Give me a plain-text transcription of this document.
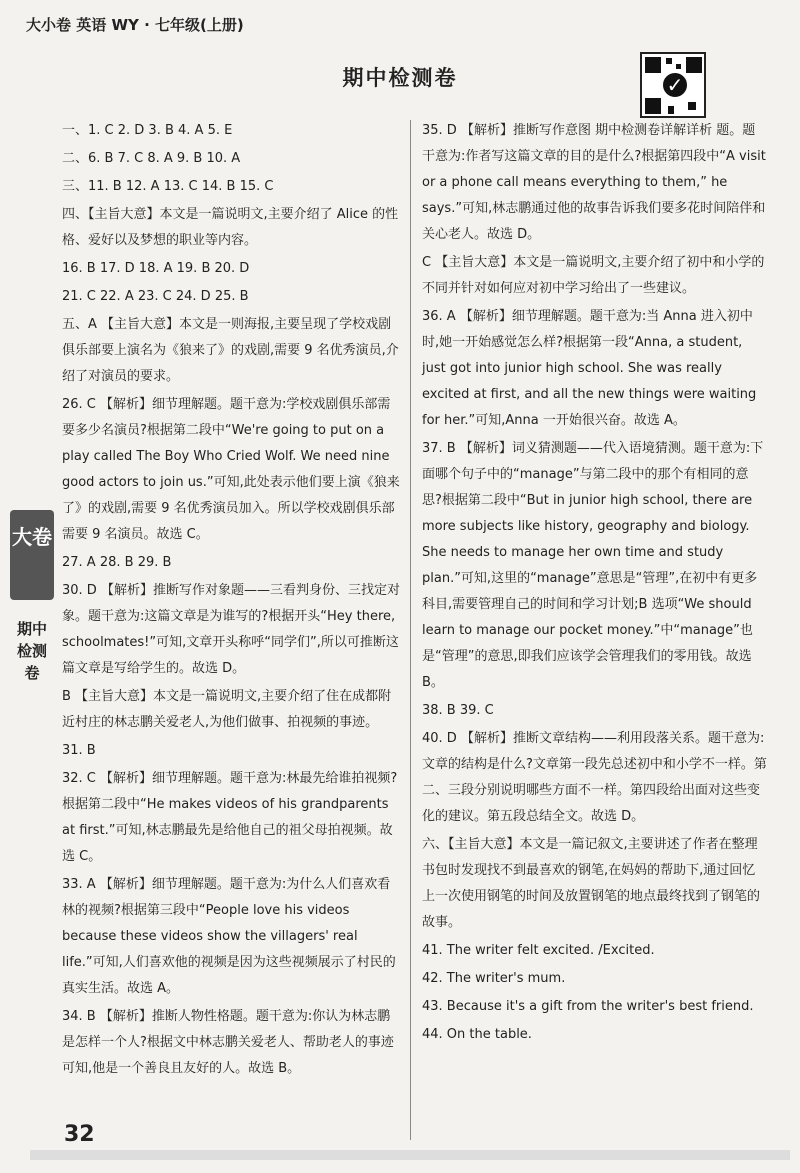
大小卷 英语 WY · 七年级(上册)
期中检测卷	✓

一、1. C 2. D 3. B 4. A 5. E

二、6. B 7. C 8. A 9. B 10. A

三、11. B 12. A 13. C 14. B 15. C

四、【主旨大意】本文是一篇说明文,主要介绍了 Alice 的性格、爱好以及梦想的职业等内容。

16. B 17. D 18. A 19. B 20. D

21. C 22. A 23. C 24. D 25. B

五、A 【主旨大意】本文是一则海报,主要呈现了学校戏剧俱乐部要上演名为《狼来了》的戏剧,需要 9 名优秀演员,介绍了对演员的要求。

26. C 【解析】细节理解题。题干意为:学校戏剧俱乐部需要多少名演员?根据第二段中“We're going to put on a play called The Boy Who Cried Wolf. We need nine good actors to join us.”可知,此处表示他们要上演《狼来了》的戏剧,需要 9 名优秀演员加入。所以学校戏剧俱乐部需要 9 名演员。故选 C。

27. A 28. B 29. B

30. D 【解析】推断写作对象题——三看判身份、三找定对象。题干意为:这篇文章是为谁写的?根据开头“Hey there, schoolmates!”可知,文章开头称呼“同学们”,所以可推断这篇文章是写给学生的。故选 D。

B 【主旨大意】本文是一篇说明文,主要介绍了住在成都附近村庄的林志鹏关爱老人,为他们做事、拍视频的事迹。

31. B

32. C 【解析】细节理解题。题干意为:林最先给谁拍视频?根据第二段中“He makes videos of his grandparents at first.”可知,林志鹏最先是给他自己的祖父母拍视频。故选 C。

33. A 【解析】细节理解题。题干意为:为什么人们喜欢看林的视频?根据第三段中“People love his videos because these videos show the villagers' real life.”可知,人们喜欢他的视频是因为这些视频展示了村民的真实生活。故选 A。

34. B 【解析】推断人物性格题。题干意为:你认为林志鹏是怎样一个人?根据文中林志鹏关爱老人、帮助老人的事迹可知,他是一个善良且友好的人。故选 B。

35. D 【解析】推断写作意图 期中检测卷详解详析 题。题干意为:作者写这篇文章的目的是什么?根据第四段中“A visit or a phone call means everything to them,” he says.”可知,林志鹏通过他的故事告诉我们要多花时间陪伴和关心老人。故选 D。

C 【主旨大意】本文是一篇说明文,主要介绍了初中和小学的不同并针对如何应对初中学习给出了一些建议。

36. A 【解析】细节理解题。题干意为:当 Anna 进入初中时,她一开始感觉怎么样?根据第一段“Anna, a student, just got into junior high school. She was really excited at first, and all the new things were waiting for her.”可知,Anna 一开始很兴奋。故选 A。

37. B 【解析】词义猜测题——代入语境猜测。题干意为:下面哪个句子中的“manage”与第二段中的那个有相同的意思?根据第二段中“But in junior high school, there are more subjects like history, geography and biology. She needs to manage her own time and study plan.”可知,这里的“manage”意思是“管理”,在初中有更多科目,需要管理自己的时间和学习计划;B 选项“We should learn to manage our pocket money.”中“manage”也是“管理”的意思,即我们应该学会管理我们的零用钱。故选 B。

38. B 39. C

40. D 【解析】推断文章结构——利用段落关系。题干意为:文章的结构是什么?文章第一段先总述初中和小学不一样。第二、三段分别说明哪些方面不一样。第四段给出面对这些变化的建议。第五段总结全文。故选 D。

六、【主旨大意】本文是一篇记叙文,主要讲述了作者在整理书包时发现找不到最喜欢的钢笔,在妈妈的帮助下,通过回忆上一次使用钢笔的时间及放置钢笔的地点最终找到了钢笔的故事。

41. The writer felt excited. /Excited.

42. The writer's mum.

43. Because it's a gift from the writer's best friend.

44. On the table.

大卷
期中检测卷
32
